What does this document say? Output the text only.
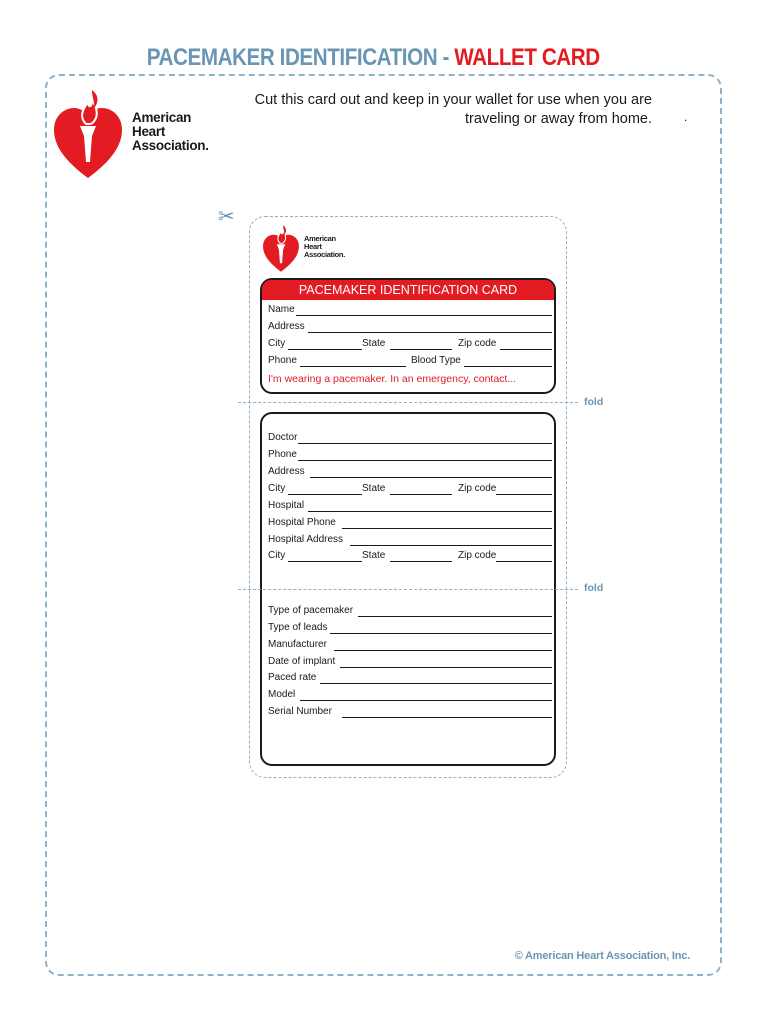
PACEMAKER IDENTIFICATION - WALLET CARD
American
Heart
Association.
Cut this card out and keep in your wallet for use when you are
traveling or away from home.	.
✂
American
Heart
Association.
PACEMAKER IDENTIFICATION CARD
Name
Address
City	State	Zip code
Phone	Blood Type
I'm wearing a pacemaker. In an emergency, contact...
fold
Doctor
Phone
Address
City	State	Zip code
Hospital
Hospital Phone
Hospital Address
City	State	Zip code
fold
Type of pacemaker
Type of leads
Manufacturer
Date of implant
Paced rate
Model
Serial Number
© American Heart Association, Inc.
